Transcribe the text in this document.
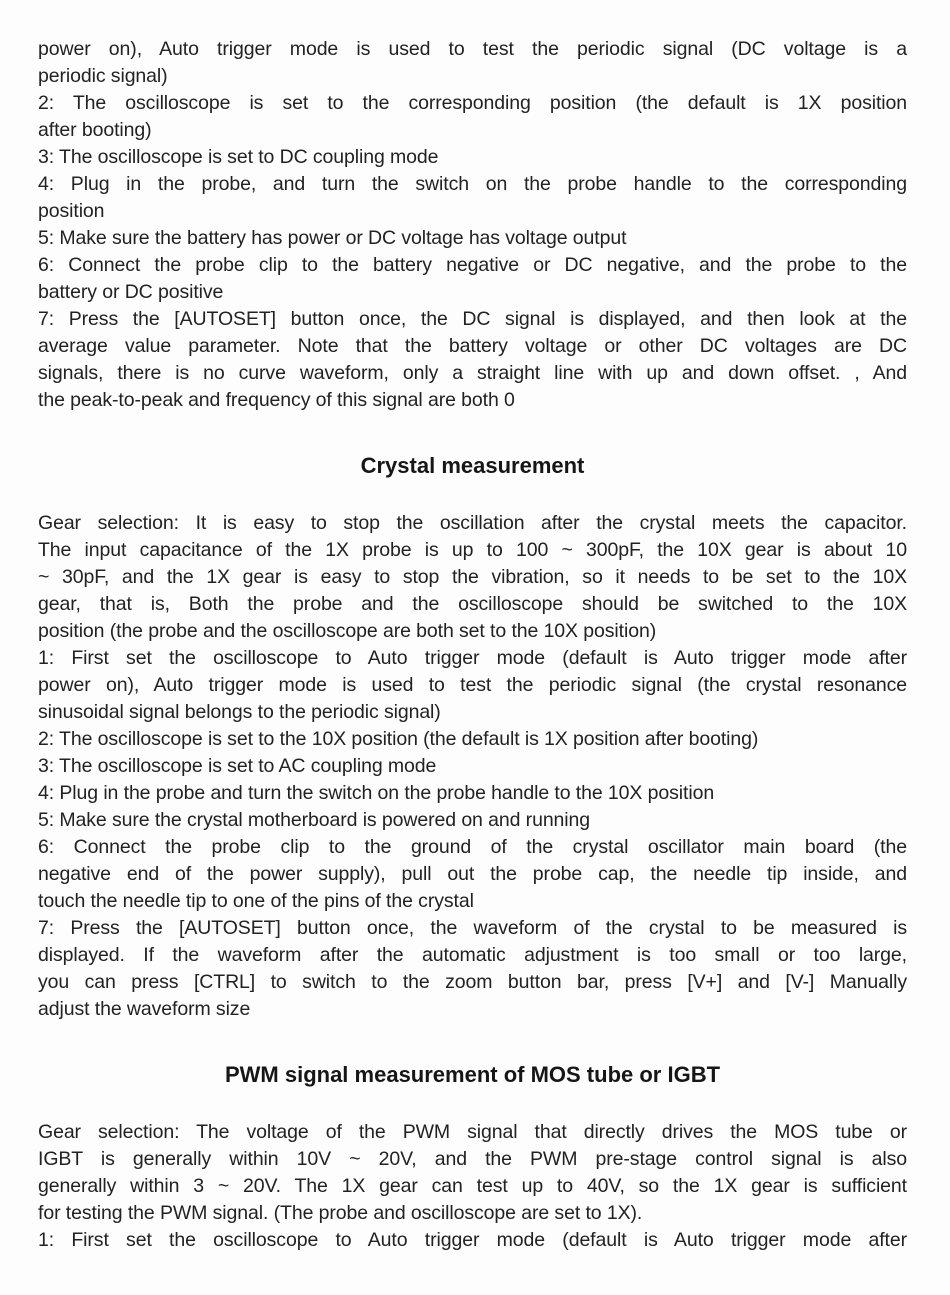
power on), Auto trigger mode is used to test the periodic signal (DC voltage is a
periodic signal)
2: The oscilloscope is set to the corresponding position (the default is 1X position
after booting)
3: The oscilloscope is set to DC coupling mode
4: Plug in the probe, and turn the switch on the probe handle to the corresponding
position
5: Make sure the battery has power or DC voltage has voltage output
6: Connect the probe clip to the battery negative or DC negative, and the probe to the
battery or DC positive
7: Press the [AUTOSET] button once, the DC signal is displayed, and then look at the
average value parameter. Note that the battery voltage or other DC voltages are DC
signals, there is no curve waveform, only a straight line with up and down offset. , And
the peak-to-peak and frequency of this signal are both 0
Crystal measurement
Gear selection: It is easy to stop the oscillation after the crystal meets the capacitor.
The input capacitance of the 1X probe is up to 100 ~ 300pF, the 10X gear is about 10
~ 30pF, and the 1X gear is easy to stop the vibration, so it needs to be set to the 10X
gear, that is, Both the probe and the oscilloscope should be switched to the 10X
position (the probe and the oscilloscope are both set to the 10X position)
1: First set the oscilloscope to Auto trigger mode (default is Auto trigger mode after
power on), Auto trigger mode is used to test the periodic signal (the crystal resonance
sinusoidal signal belongs to the periodic signal)
2: The oscilloscope is set to the 10X position (the default is 1X position after booting)
3: The oscilloscope is set to AC coupling mode
4: Plug in the probe and turn the switch on the probe handle to the 10X position
5: Make sure the crystal motherboard is powered on and running
6: Connect the probe clip to the ground of the crystal oscillator main board (the
negative end of the power supply), pull out the probe cap, the needle tip inside, and
touch the needle tip to one of the pins of the crystal
7: Press the [AUTOSET] button once, the waveform of the crystal to be measured is
displayed. If the waveform after the automatic adjustment is too small or too large,
you can press [CTRL] to switch to the zoom button bar, press [V+] and [V-] Manually
adjust the waveform size
PWM signal measurement of MOS tube or IGBT
Gear selection: The voltage of the PWM signal that directly drives the MOS tube or
IGBT is generally within 10V ~ 20V, and the PWM pre-stage control signal is also
generally within 3 ~ 20V. The 1X gear can test up to 40V, so the 1X gear is sufficient
for testing the PWM signal. (The probe and oscilloscope are set to 1X).
1: First set the oscilloscope to Auto trigger mode (default is Auto trigger mode after
